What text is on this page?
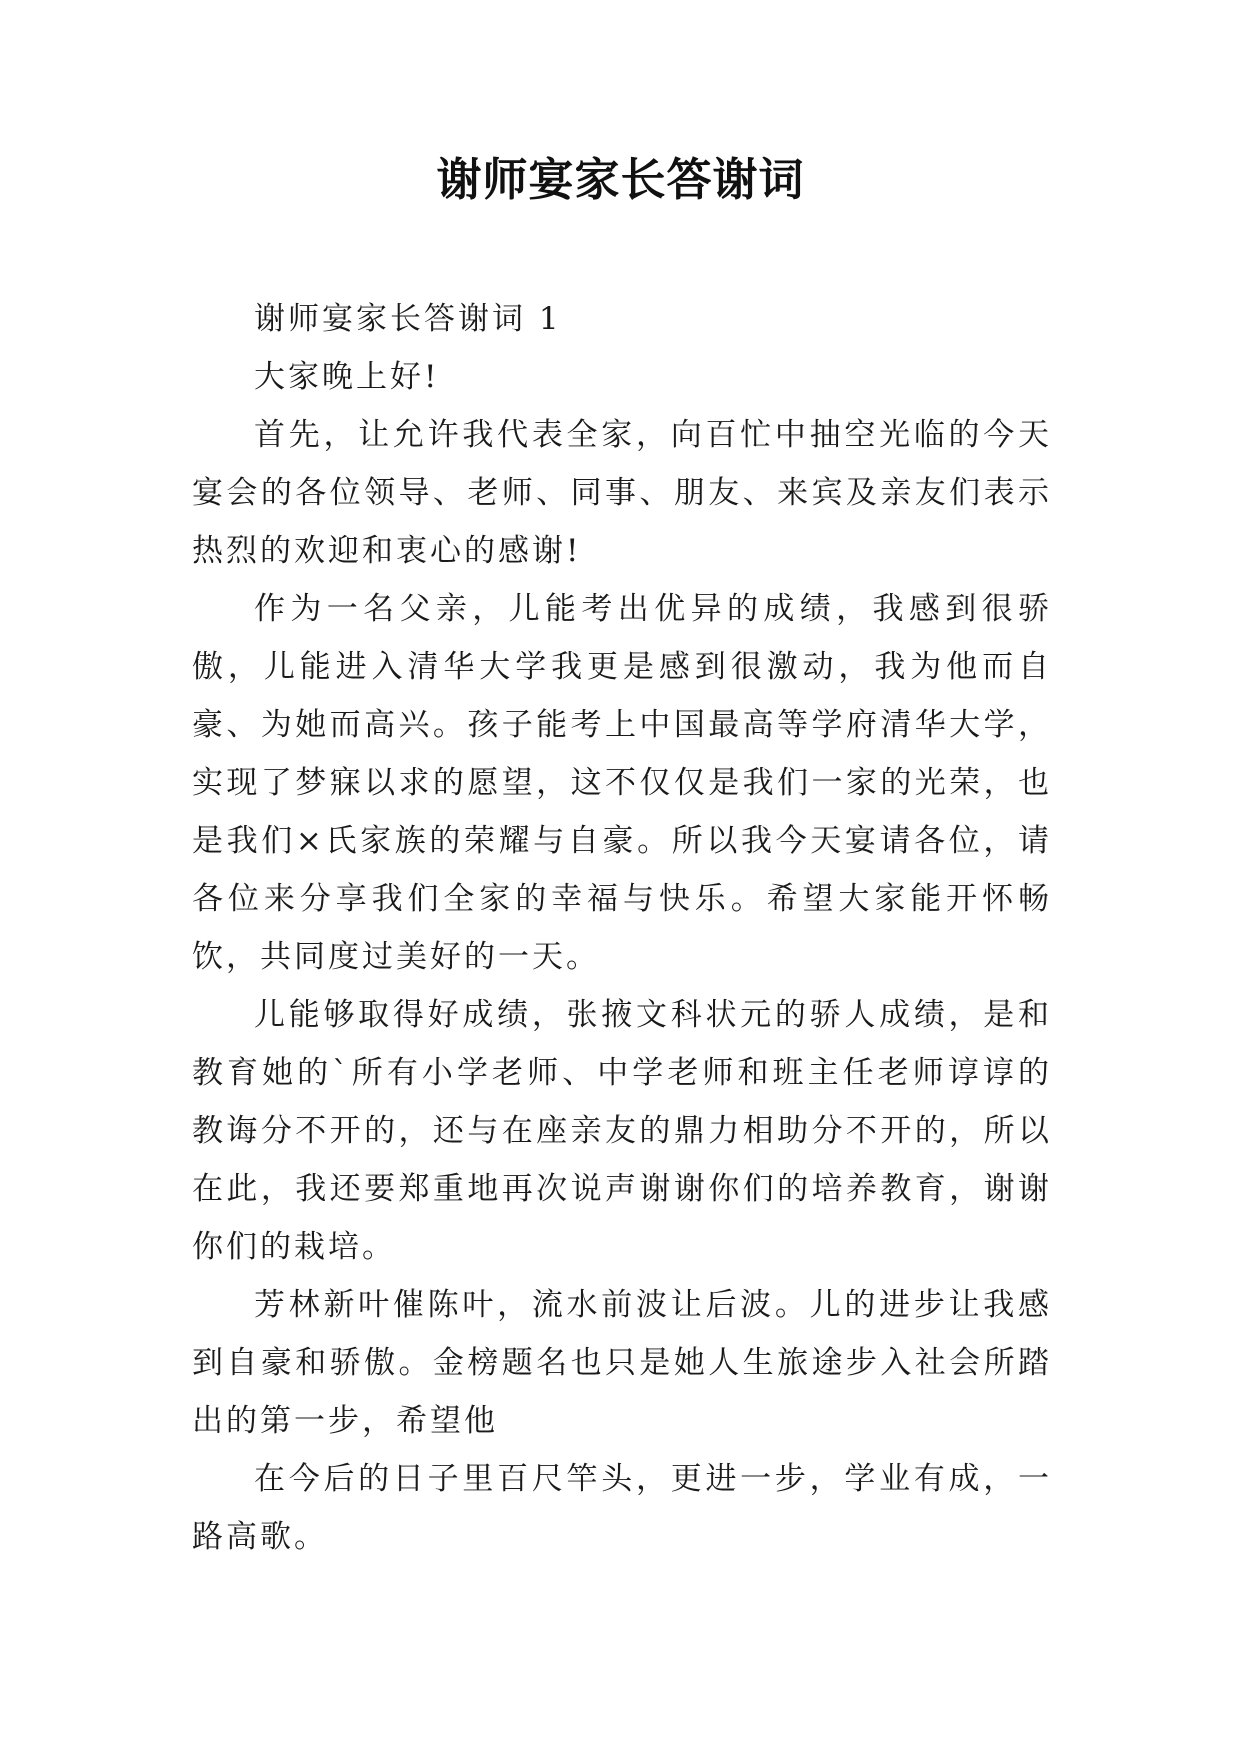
谢师宴家长答谢词

谢师宴家长答谢词 1

大家晚上好!

首先，让允许我代表全家，向百忙中抽空光临的今天宴会的各位领导、老师、同事、朋友、来宾及亲友们表示热烈的欢迎和衷心的感谢!

作为一名父亲，儿能考出优异的成绩，我感到很骄傲，儿能进入清华大学我更是感到很激动，我为他而自豪、为她而高兴。孩子能考上中国最高等学府清华大学，实现了梦寐以求的愿望，这不仅仅是我们一家的光荣，也是我们×氏家族的荣耀与自豪。所以我今天宴请各位，请各位来分享我们全家的幸福与快乐。希望大家能开怀畅饮，共同度过美好的一天。

儿能够取得好成绩，张掖文科状元的骄人成绩，是和教育她的`所有小学老师、中学老师和班主任老师谆谆的教诲分不开的，还与在座亲友的鼎力相助分不开的，所以在此，我还要郑重地再次说声谢谢你们的培养教育，谢谢你们的栽培。

芳林新叶催陈叶，流水前波让后波。儿的进步让我感到自豪和骄傲。金榜题名也只是她人生旅途步入社会所踏出的第一步，希望他

在今后的日子里百尺竿头，更进一步，学业有成，一路高歌。
